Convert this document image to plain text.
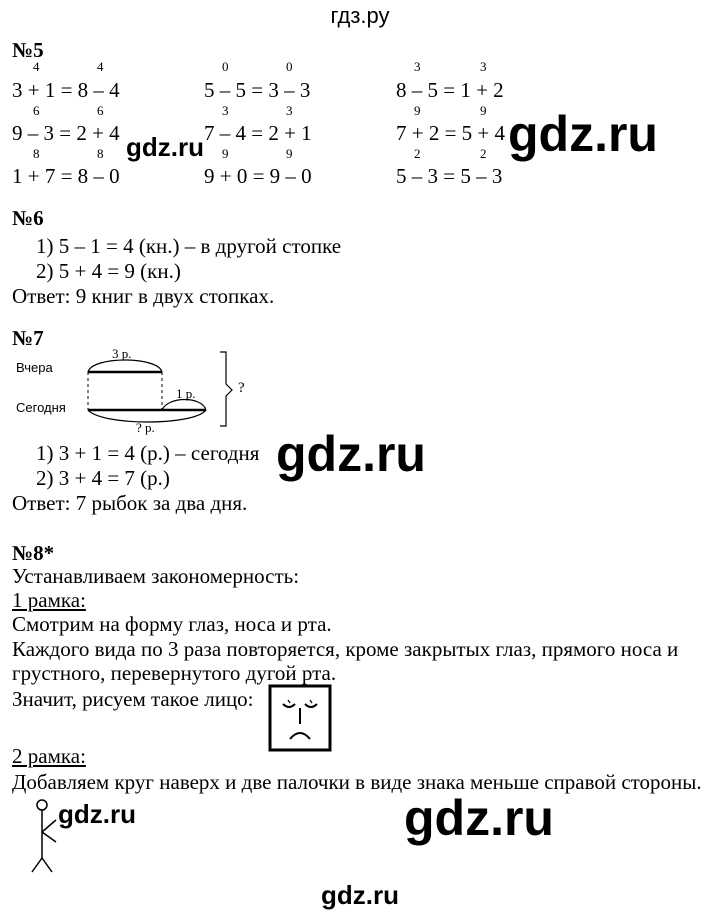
гдз.ру
№5
4	4
3 + 1 = 8 – 4
0	0
5 – 5 = 3 – 3
3	3
8 – 5 = 1 + 2
6	6
9 – 3 = 2 + 4
3	3
7 – 4 = 2 + 1
9	9
7 + 2 = 5 + 4
8	8
1 + 7 = 8 – 0
9	9
9 + 0 = 9 – 0
2	2
5 – 3 = 5 – 3
gdz.ru	gdz.ru
№6
1) 5 – 1 = 4 (кн.) – в другой стопке
2) 5 + 4 = 9 (кн.)
Ответ: 9 книг в двух стопках.
№7
Вчера
Сегодня
3 р.
1 р.
? р.
?
1) 3 + 1 = 4 (р.) – сегодня
2) 3 + 4 = 7 (р.)
Ответ: 7 рыбок за два дня.
gdz.ru
№8*
Устанавливаем закономерность:
1 рамка:
Смотрим на форму глаз, носа и рта.
Каждого вида по 3 раза повторяется, кроме закрытых глаз, прямого носа и
грустного, перевернутого дугой рта.
Значит, рисуем такое лицо:
2 рамка:
Добавляем круг наверх и две палочки в виде знака меньше справой стороны.
gdz.ru	gdz.ru
gdz.ru
